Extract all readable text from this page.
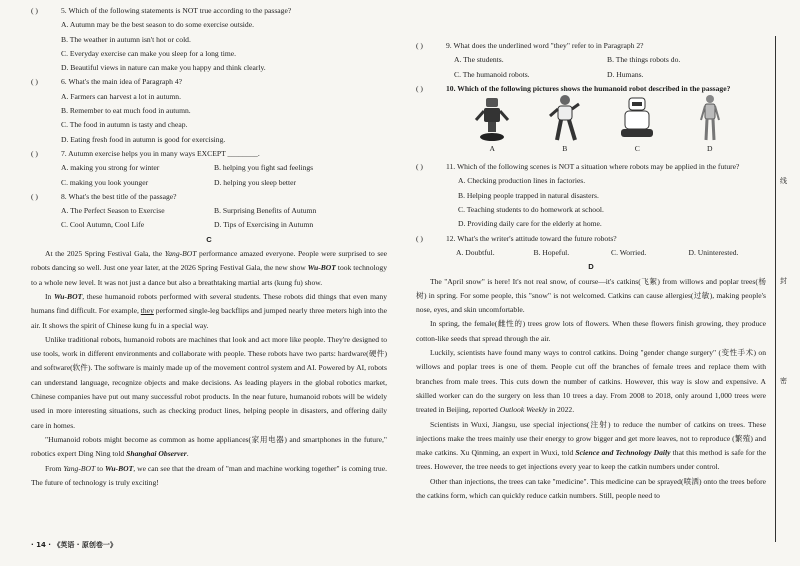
( )	5. Which of the following statements is NOT true according to the passage?
A. Autumn may be the best season to do some exercise outside.
B. The weather in autumn isn't hot or cold.
C. Everyday exercise can make you sleep for a long time.
D. Beautiful views in nature can make you happy and think clearly.
( )	6. What's the main idea of Paragraph 4?
A. Farmers can harvest a lot in autumn.
B. Remember to eat much food in autumn.
C. The food in autumn is tasty and cheap.
D. Eating fresh food in autumn is good for exercising.
( )	7. Autumn exercise helps you in many ways EXCEPT ________.
A. making you strong for winter	B. helping you fight sad feelings
C. making you look younger	D. helping you sleep better
( )	8. What's the best title of the passage?
A. The Perfect Season to Exercise	B. Surprising Benefits of Autumn
C. Cool Autumn, Cool Life	D. Tips of Exercising in Autumn
C
At the 2025 Spring Festival Gala, the Yang-BOT performance amazed everyone. People were surprised to see robots dancing so well. Just one year later, at the 2026 Spring Festival Gala, the new show Wu-BOT took technology to a whole new level. It was not just a dance but also a breathtaking martial arts (kung fu) show.
In Wu-BOT, these humanoid robots performed with several students. These robots did things that even many humans find difficult. For example, they performed single-leg backflips and jumped nearly three meters high into the air. It shows the spirit of Chinese kung fu in a special way.
Unlike traditional robots, humanoid robots are machines that look and act more like people. They're designed to use tools, work in different environments and collaborate with people. These robots have two parts: hardware(硬件) and software(软件). The software is mainly made up of the movement control system and AI. Powered by AI, robots can understand language, recognize objects and make decisions. As leading players in the global robotics market, Chinese companies have put out many successful robot products. In the near future, humanoid robots will be widely used in more interesting situations, such as checking product lines, helping people in disasters, and offering daily care in homes.
"Humanoid robots might become as common as home appliances(家用电器) and smartphones in the future," robotics expert Ding Ning told Shanghai Observer.
From Yang-BOT to Wu-BOT, we can see that the dream of "man and machine working together" is coming true. The future of technology is truly exciting!
( )	9. What does the underlined word "they" refer to in Paragraph 2?
A. The students.	B. The things robots do.
C. The humanoid robots.	D. Humans.
( )	10. Which of the following pictures shows the humanoid robot described in the passage?
A	B	C	D
( )	11. Which of the following scenes is NOT a situation where robots may be applied in the future?
A. Checking production lines in factories.
B. Helping people trapped in natural disasters.
C. Teaching students to do homework at school.
D. Providing daily care for the elderly at home.
( )	12. What's the writer's attitude toward the future robots?
A. Doubtful.	B. Hopeful.	C. Worried.	D. Uninterested.
D
The "April snow" is here! It's not real snow, of course—it's catkins(飞絮) from willows and poplar trees(杨树) in spring. For some people, this "snow" is not welcomed. Catkins can cause allergies(过敏), making people's nose, eyes, and skin uncomfortable.
In spring, the female(雌性的) trees grow lots of flowers. When these flowers finish growing, they produce cotton-like seeds that spread through the air.
Luckily, scientists have found many ways to control catkins. Doing "gender change surgery" (变性手术) on willows and poplar trees is one of them. People cut off the branches of female trees and replace them with branches from male trees. This cuts down the number of catkins. However, this way is slow and expensive. A skilled worker can do the surgery on less than 10 trees a day. From 2008 to 2018, only around 1,000 trees were treated in Beijing, reported Outlook Weekly in 2022.
Scientists in Wuxi, Jiangsu, use special injections(注射) to reduce the number of catkins on trees. These injections make the trees mainly use their energy to grow bigger and get more leaves, not to reproduce (繁殖) and make catkins. Xu Qinming, an expert in Wuxi, told Science and Technology Daily that this method is safe for the trees. However, the tree needs to get injections every year to keep the catkin numbers under control.
Other than injections, the trees can take "medicine". This medicine can be sprayed(喷洒) onto the trees before the catkins form, which can quickly reduce catkin numbers. Still, people need to
线
封
密
· 14 · 《英语 · 原创卷一》
